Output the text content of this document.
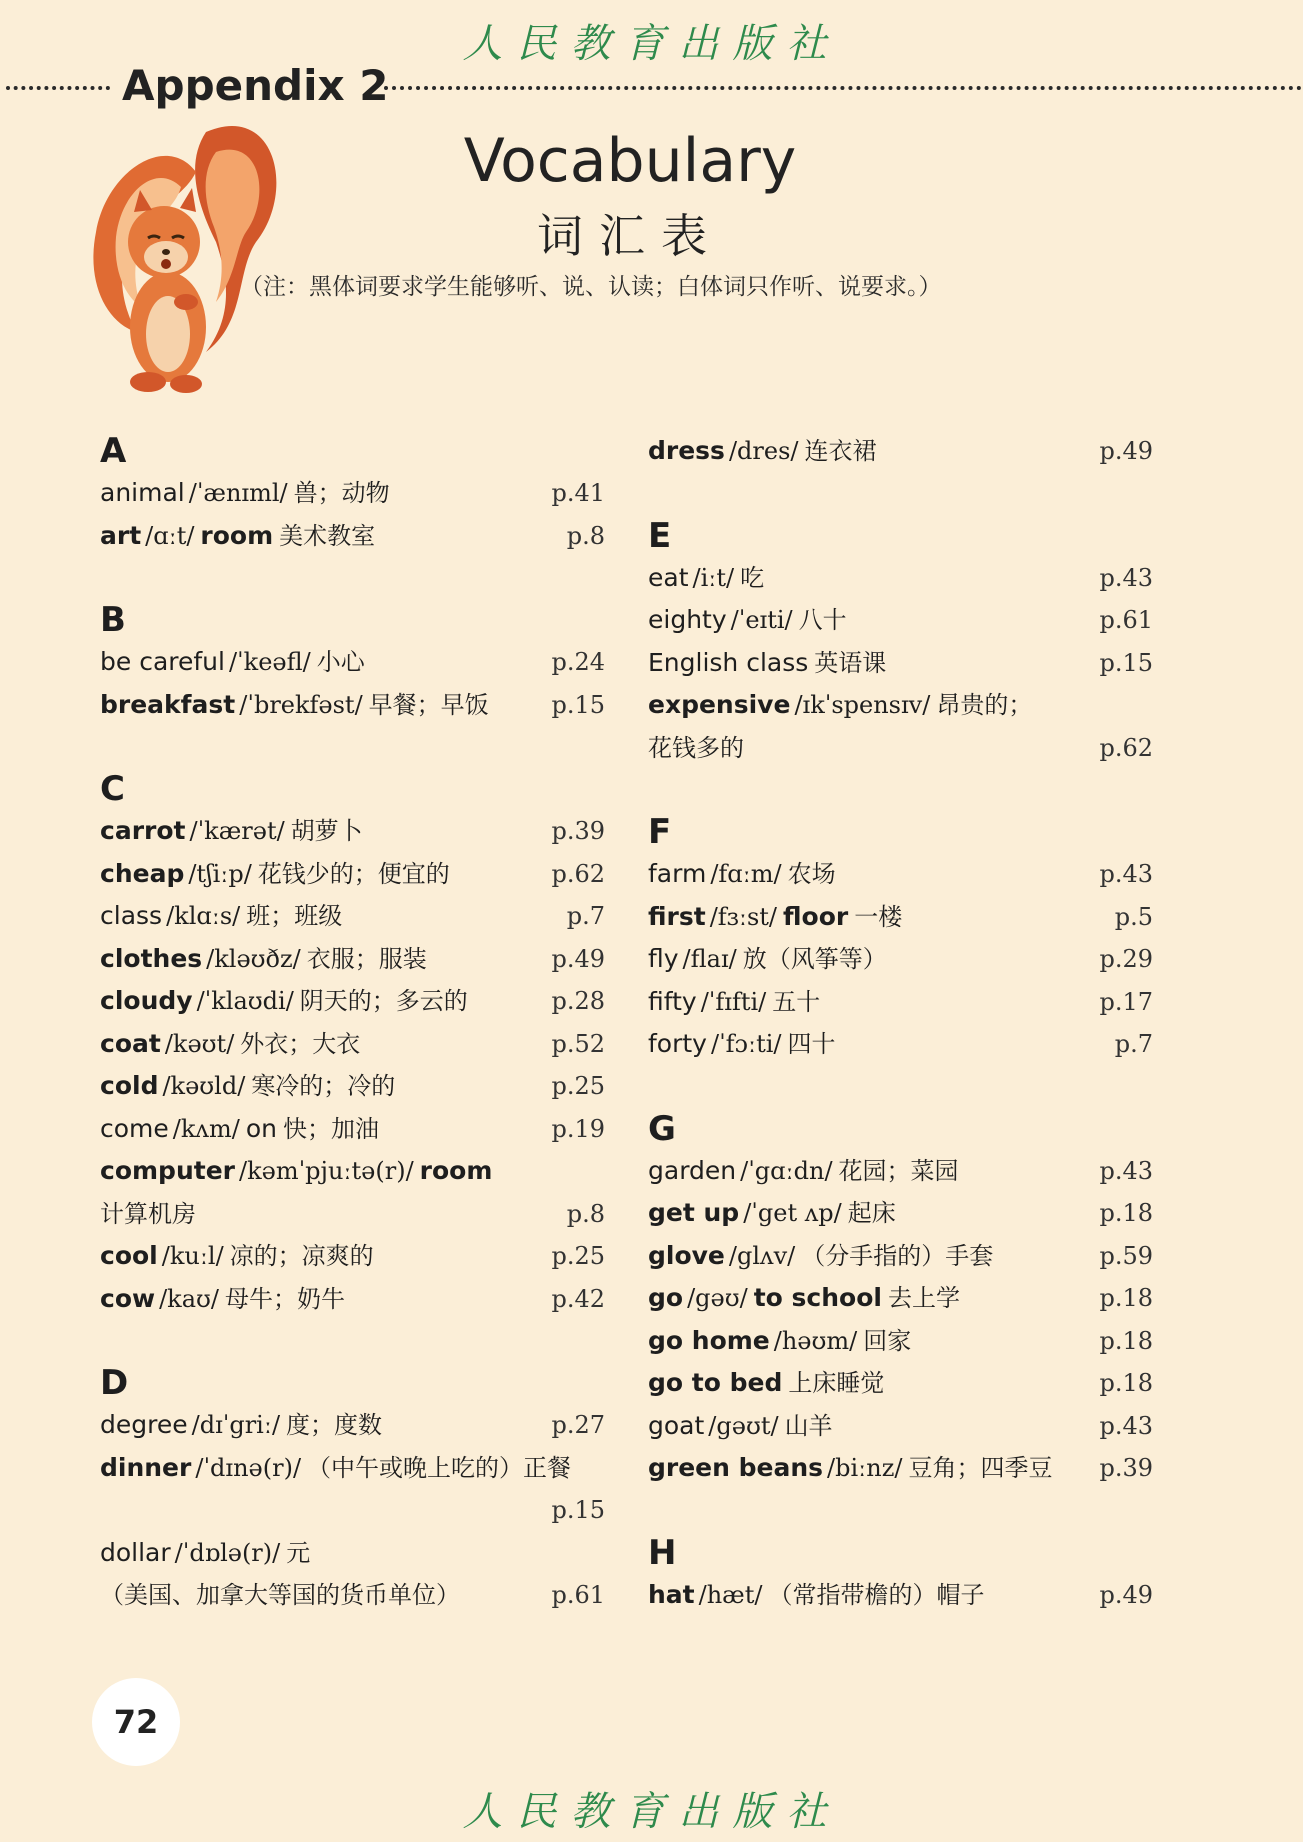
人民教育出版社
Appendix 2
Vocabulary
词汇表
（注：黑体词要求学生能够听、说、认读；白体词只作听、说要求。）
A
animal /ˈænɪml/ 兽；动物	p.41
art /ɑːt/ room 美术教室	p.8
B
be careful /ˈkeəfl/ 小心	p.24
breakfast /ˈbrekfəst/ 早餐；早饭	p.15
C
carrot /ˈkærət/ 胡萝卜	p.39
cheap /tʃiːp/ 花钱少的；便宜的	p.62
class /klɑːs/ 班；班级	p.7
clothes /kləʊðz/ 衣服；服装	p.49
cloudy /ˈklaʊdi/ 阴天的；多云的	p.28
coat /kəʊt/ 外衣；大衣	p.52
cold /kəʊld/ 寒冷的；冷的	p.25
come /kʌm/ on 快；加油	p.19
computer /kəmˈpjuːtə(r)/ room
计算机房	p.8
cool /kuːl/ 凉的；凉爽的	p.25
cow /kaʊ/ 母牛；奶牛	p.42
D
degree /dɪˈgriː/ 度；度数	p.27
dinner /ˈdɪnə(r)/ （中午或晚上吃的）正餐
p.15
dollar /ˈdɒlə(r)/ 元
（美国、加拿大等国的货币单位）	p.61
dress /dres/ 连衣裙	p.49
E
eat /iːt/ 吃	p.43
eighty /ˈeɪti/ 八十	p.61
English class 英语课	p.15
expensive /ɪkˈspensɪv/ 昂贵的；
花钱多的	p.62
F
farm /fɑːm/ 农场	p.43
first /fɜːst/ floor 一楼	p.5
fly /flaɪ/ 放（风筝等）	p.29
fifty /ˈfɪfti/ 五十	p.17
forty /ˈfɔːti/ 四十	p.7
G
garden /ˈgɑːdn/ 花园；菜园	p.43
get up /ˈget ʌp/ 起床	p.18
glove /glʌv/ （分手指的）手套	p.59
go /gəʊ/ to school 去上学	p.18
go home /həʊm/ 回家	p.18
go to bed 上床睡觉	p.18
goat /gəʊt/ 山羊	p.43
green beans /biːnz/ 豆角；四季豆 p.39
H
hat /hæt/ （常指带檐的）帽子	p.49
72
人民教育出版社
